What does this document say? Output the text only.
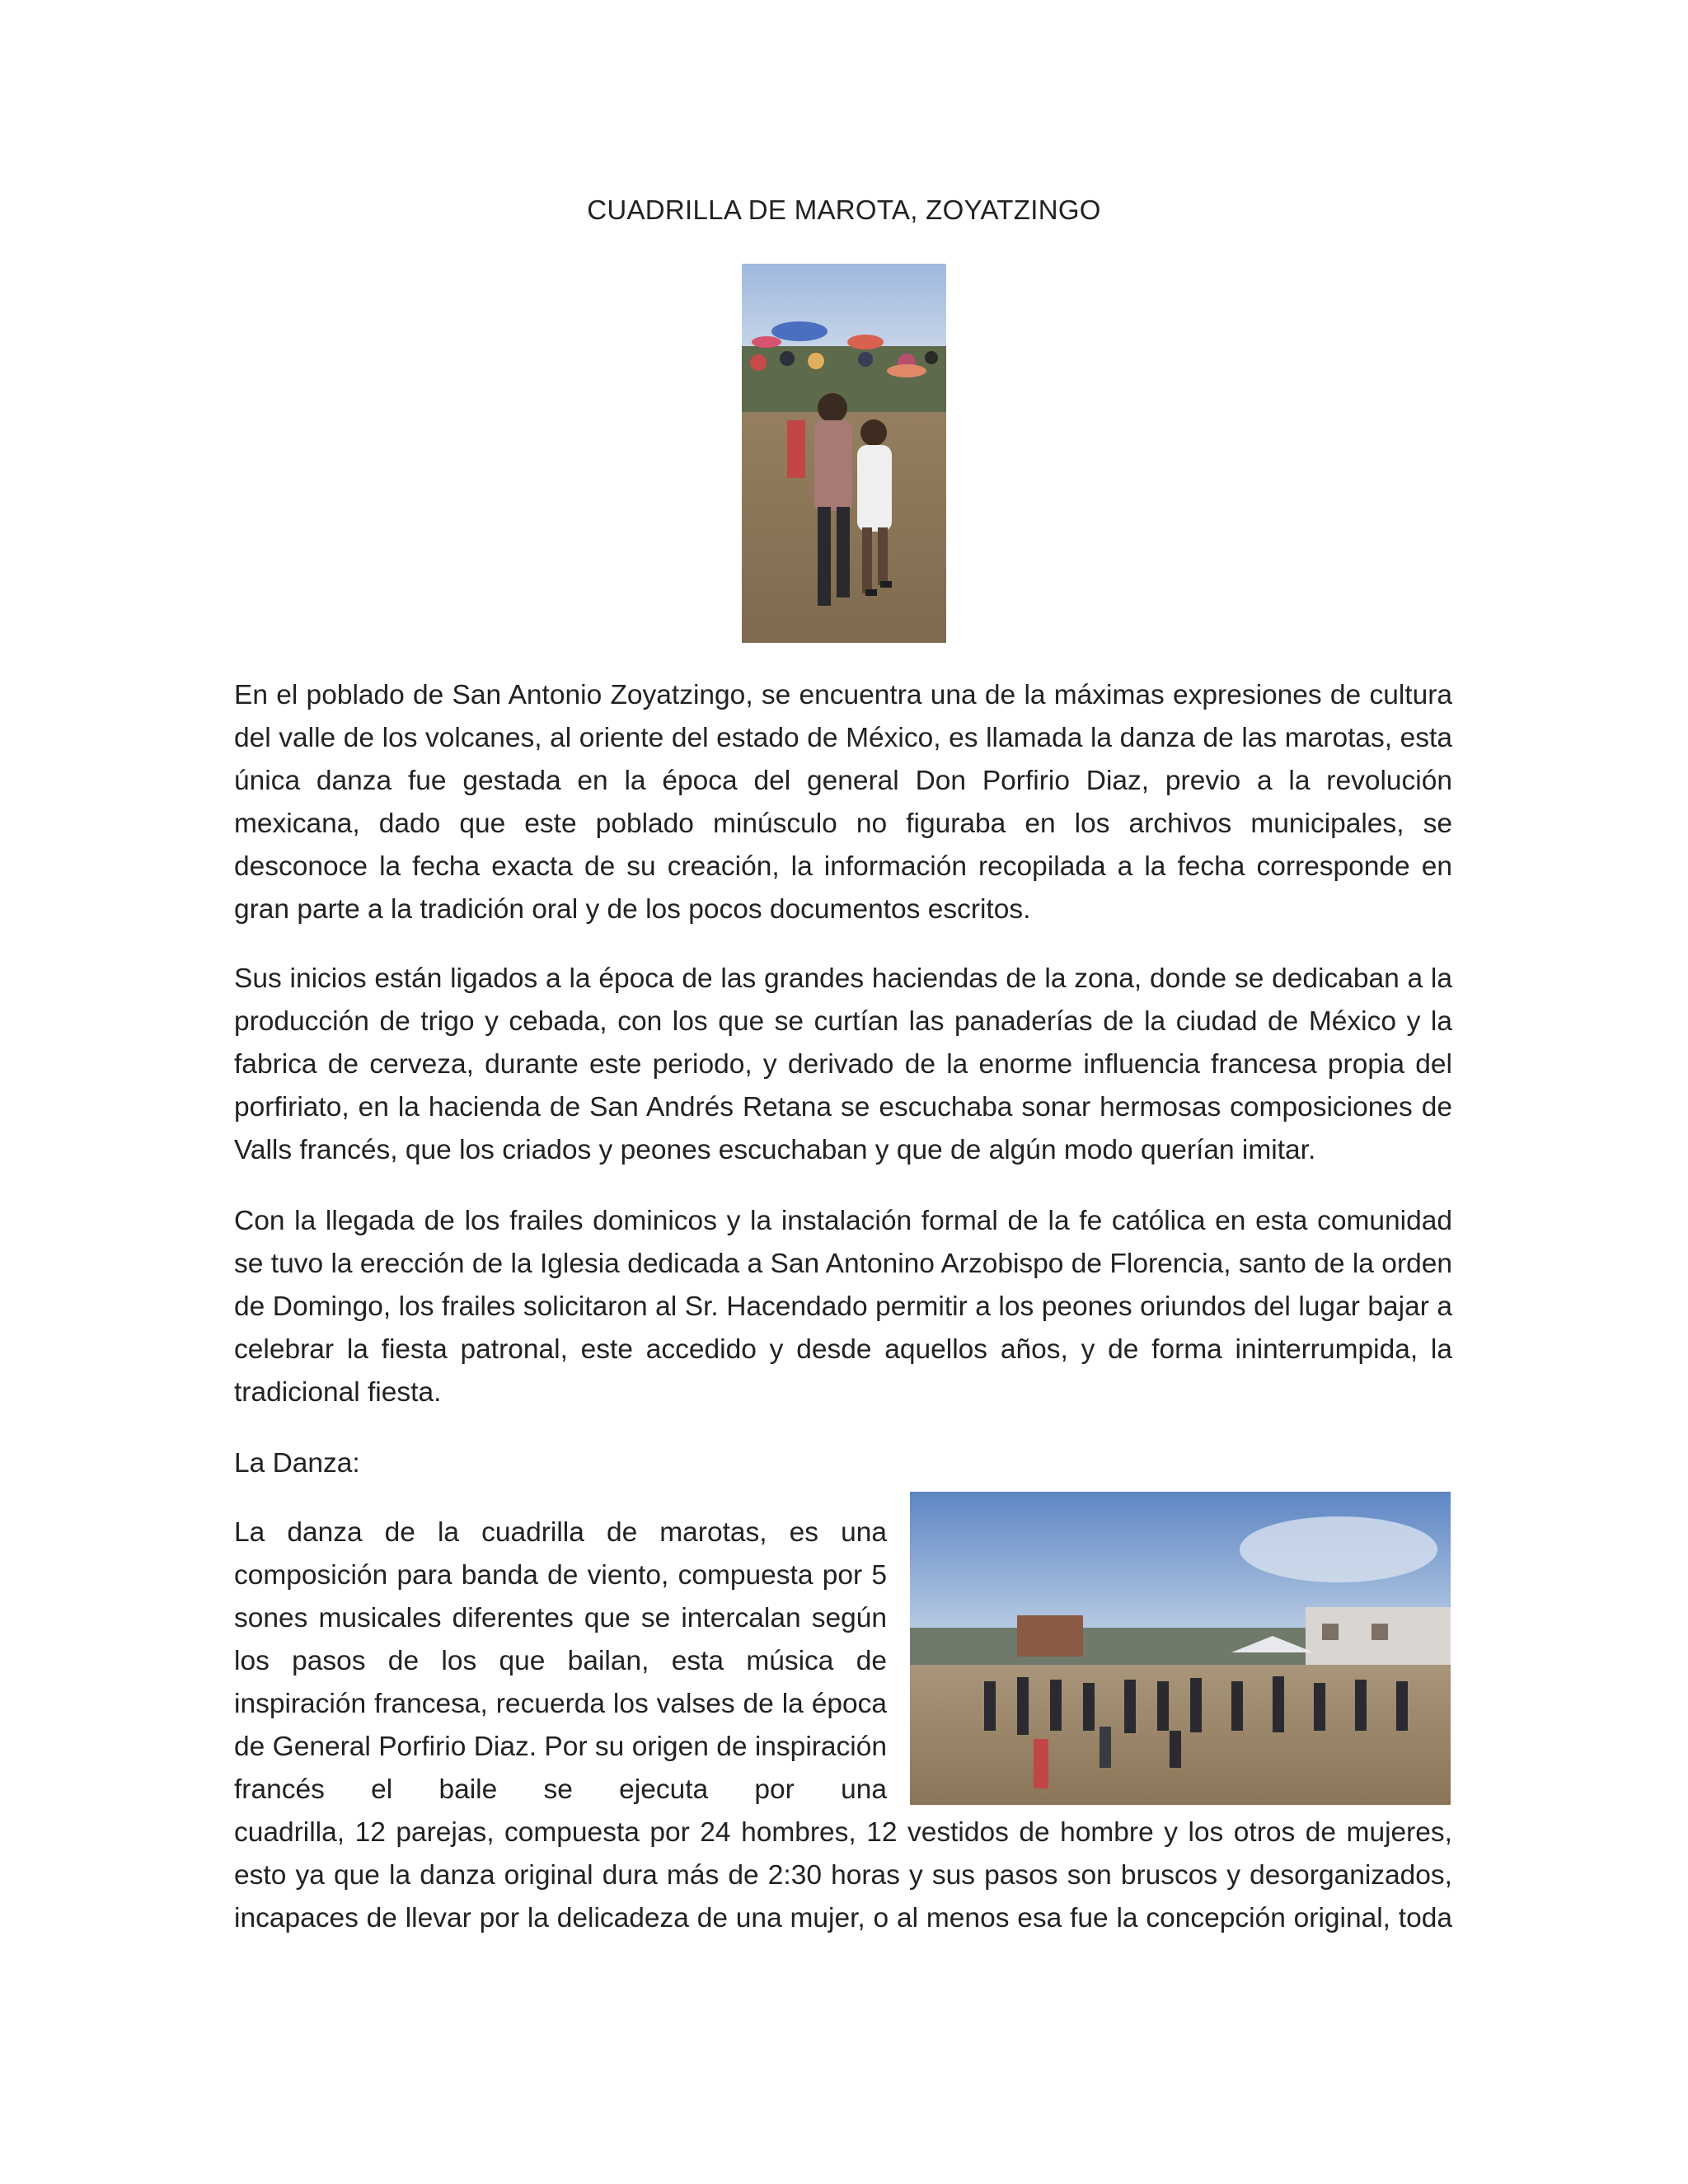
CUADRILLA DE MAROTA, ZOYATZINGO

En el poblado de San Antonio Zoyatzingo, se encuentra una de la máximas expresiones de cultura del valle de los volcanes, al oriente del estado de México, es llamada la danza de las marotas, esta única danza fue gestada en la época del general Don Porfirio Diaz, previo a la revolución mexicana, dado que este poblado minúsculo no figuraba en los archivos municipales, se desconoce la fecha exacta de su creación, la información recopilada a la fecha corresponde en gran parte a la tradición oral y de los pocos documentos escritos.

Sus inicios están ligados a la época de las grandes haciendas de la zona, donde se dedicaban a la producción de trigo y cebada, con los que se curtían las panaderías de la ciudad de México y la fabrica de cerveza, durante este periodo, y derivado de la enorme influencia francesa propia del porfiriato, en la hacienda de San Andrés Retana se escuchaba sonar hermosas composiciones de Valls francés, que los criados y peones escuchaban y que de algún modo querían imitar.

Con la llegada de los frailes dominicos y la instalación formal de la fe católica en esta comunidad se tuvo la erección de la Iglesia dedicada a San Antonino Arzobispo de Florencia, santo de la orden de Domingo, los frailes solicitaron al Sr. Hacendado permitir a los peones oriundos del lugar bajar a celebrar la fiesta patronal, este accedido y desde aquellos años, y de forma ininterrumpida, la tradicional fiesta.

La Danza:

La danza de la cuadrilla de marotas, es una composición para banda de viento, compuesta por 5 sones musicales diferentes que se intercalan según los pasos de los que bailan, esta música de inspiración francesa, recuerda los valses de la época de General Porfirio Diaz. Por su origen de inspiración francés el baile se ejecuta por una

cuadrilla, 12 parejas, compuesta por 24 hombres, 12 vestidos de hombre y los otros de mujeres, esto ya que la danza original dura más de 2:30 horas y sus pasos son bruscos y desorganizados, incapaces de llevar por la delicadeza de una mujer, o al menos esa fue la concepción original, toda
